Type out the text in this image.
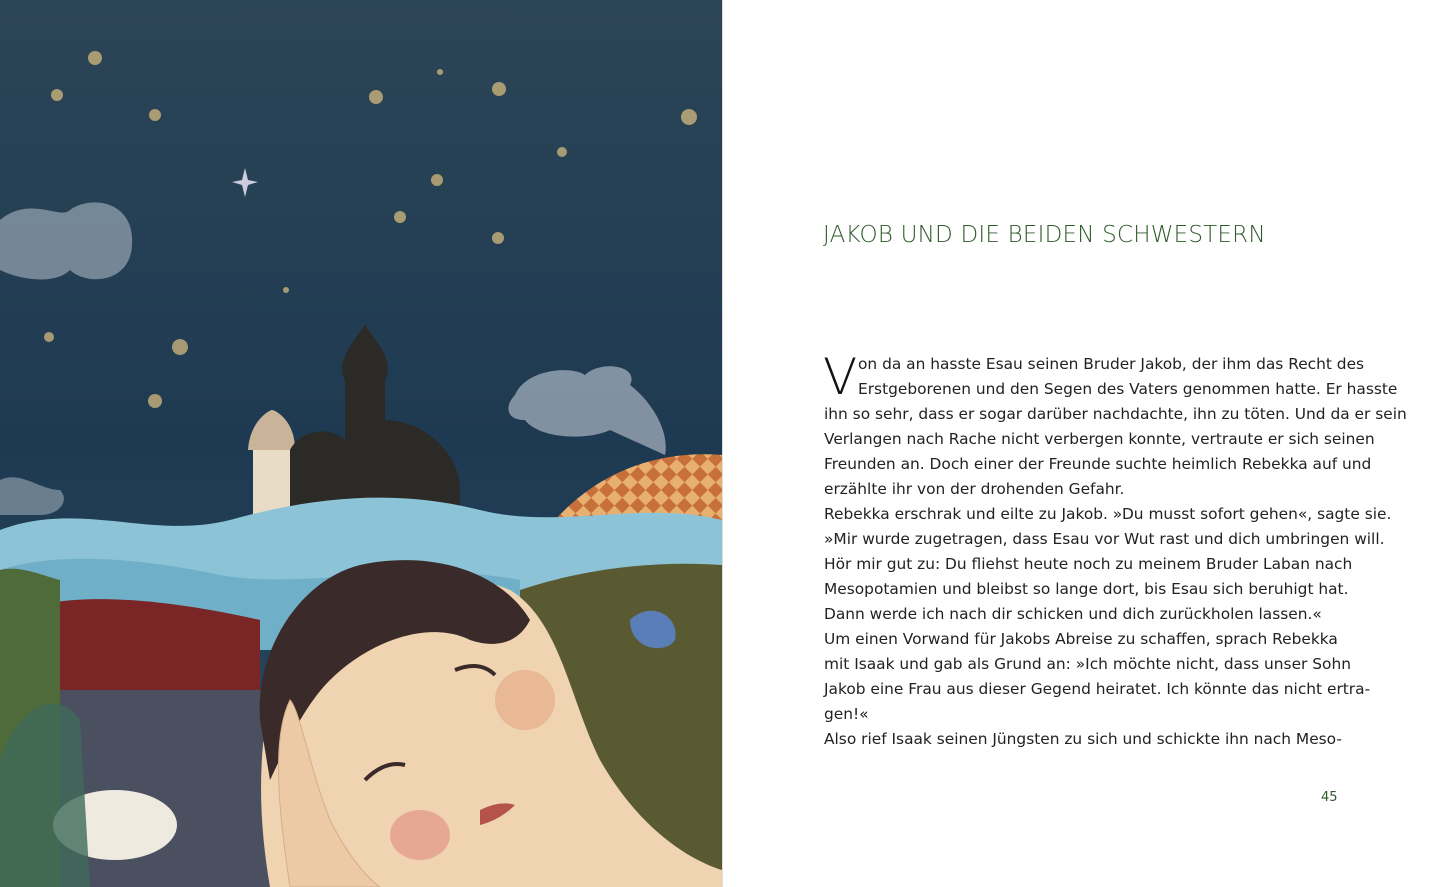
JAKOB UND DIE BEIDEN SCHWESTERN
V on da an hasste Esau seinen Bruder Jakob, der ihm das Recht des
Erstgeborenen und den Segen des Vaters genommen hatte. Er hasste
ihn so sehr, dass er sogar darüber nachdachte, ihn zu töten. Und da er sein
Verlangen nach Rache nicht verbergen konnte, vertraute er sich seinen
Freunden an. Doch einer der Freunde suchte heimlich Rebekka auf und
erzählte ihr von der drohenden Gefahr.
Rebekka erschrak und eilte zu Jakob. »Du musst sofort gehen«, sagte sie.
»Mir wurde zugetragen, dass Esau vor Wut rast und dich umbringen will.
Hör mir gut zu: Du fliehst heute noch zu meinem Bruder Laban nach
Mesopotamien und bleibst so lange dort, bis Esau sich beruhigt hat.
Dann werde ich nach dir schicken und dich zurückholen lassen.«
Um einen Vorwand für Jakobs Abreise zu schaffen, sprach Rebekka
mit Isaak und gab als Grund an: »Ich möchte nicht, dass unser Sohn
Jakob eine Frau aus dieser Gegend heiratet. Ich könnte das nicht ertra-
gen!«
Also rief Isaak seinen Jüngsten zu sich und schickte ihn nach Meso-
45
